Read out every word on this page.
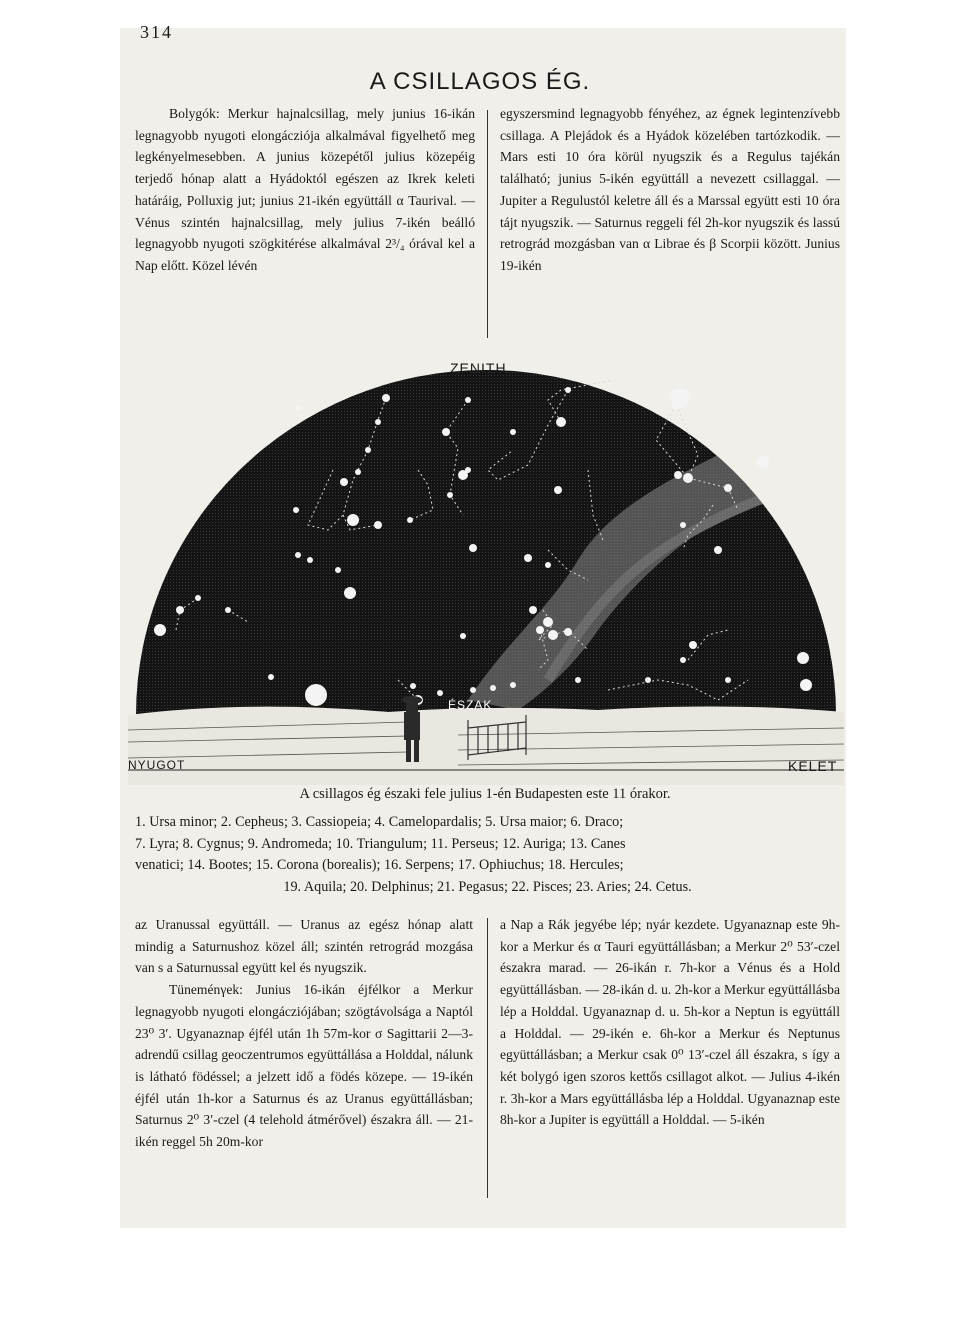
314
A CSILLAGOS ÉG.

Bolygók: Merkur hajnalcsillag, mely junius 16-ikán legnagyobb nyugoti elongácziója alkalmával figyelhető meg legkényelmesebben. A junius közepétől julius közepéig terjedő hónap alatt a Hyádoktól egészen az Ikrek keleti határáig, Polluxig jut; junius 21-ikén együttáll α Taurival. — Vénus szintén hajnalcsillag, mely julius 7-ikén beálló legnagyobb nyugoti szögkitérése alkalmával 2³/₄ órával kel a Nap előtt. Közel lévén

egyszersmind legnagyobb fényéhez, az égnek legintenzívebb csillaga. A Plejádok és a Hyádok közelében tartózkodik. — Mars esti 10 óra körül nyugszik és a Regulus tajékán található; junius 5-ikén együttáll a nevezett csillaggal. — Jupiter a Regulustól keletre áll és a Marssal együtt esti 10 óra tájt nyugszik. — Saturnus reggeli fél 2h-kor nyugszik és lassú retrográd mozgásban van α Librae és β Scorpii között. Junius 19-ikén

ZENITH
ÉSZAK
NYUGOT	KELET
A csillagos ég északi fele julius 1-én Budapesten este 11 órakor.
1. Ursa minor; 2. Cepheus; 3. Cassiopeia; 4. Camelopardalis; 5. Ursa maior; 6. Draco;
7. Lyra; 8. Cygnus; 9. Andromeda; 10. Triangulum; 11. Perseus; 12. Auriga; 13. Canes
venatici; 14. Bootes; 15. Corona (borealis); 16. Serpens; 17. Ophiuchus; 18. Hercules;
19. Aquila; 20. Delphinus; 21. Pegasus; 22. Pisces; 23. Aries; 24. Cetus.

az Uranussal együttáll. — Uranus az egész hónap alatt mindig a Saturnushoz közel áll; szintén retrográd mozgása van s a Saturnussal együtt kel és nyugszik.

Tüneménγek: Junius 16-ikán éjfélkor a Merkur legnagyobb nyugoti elongácziójában; szögtávolsága a Naptól 23⁰ 3′. Ugyanaznap éjfél után 1h 57m-kor σ Sagittarii 2—3-adrendű csillag geoczentrumos együttállása a Holddal, nálunk is látható födéssel; a jelzett idő a födés közepe. — 19-ikén éjfél után 1h-kor a Saturnus és az Uranus együttállásban; Saturnus 2⁰ 3′-czel (4 telehold átmérővel) északra áll. — 21-ikén reggel 5h 20m-kor

a Nap a Rák jegyébe lép; nyár kezdete. Ugyanaznap este 9h-kor a Merkur és α Tauri együttállásban; a Merkur 2⁰ 53′-czel északra marad. — 26-ikán r. 7h-kor a Vénus és a Hold együttállásban. — 28-ikán d. u. 2h-kor a Merkur együttállásba lép a Holddal. Ugyanaznap d. u. 5h-kor a Neptun is együttáll a Holddal. — 29-ikén e. 6h-kor a Merkur és Neptunus együttállásban; a Merkur csak 0⁰ 13′-czel áll északra, s így a két bolygó igen szoros kettős csillagot alkot. — Julius 4-ikén r. 3h-kor a Mars együttállásba lép a Holddal. Ugyanaznap este 8h-kor a Jupiter is együttáll a Holddal. — 5-ikén
